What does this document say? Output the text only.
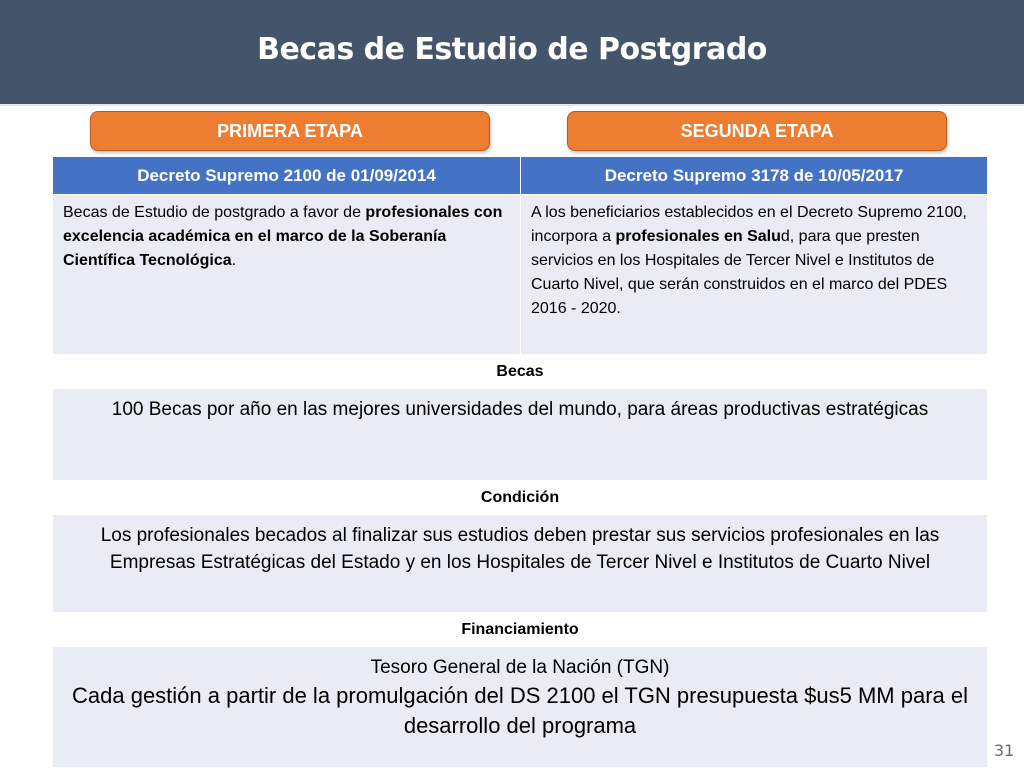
Becas de Estudio de Postgrado
PRIMERA ETAPA	SEGUNDA ETAPA
Decreto Supremo 2100 de 01/09/2014	Decreto Supremo 3178 de 10/05/2017

Becas de Estudio de postgrado a favor de profesionales con excelencia académica en el marco de la Soberanía Científica Tecnológica.	A los beneficiarios establecidos en el Decreto Supremo 2100, incorpora a profesionales en Salud, para que presten servicios en los Hospitales de Tercer Nivel e Institutos de Cuarto Nivel, que serán construidos en el marco del PDES 2016 - 2020.

Becas	

100 Becas por año en las mejores universidades del mundo, para áreas productivas estratégicas	

Condición	

Los profesionales becados al finalizar sus estudios deben prestar sus servicios profesionales en las Empresas Estratégicas del Estado y en los Hospitales de Tercer Nivel e Institutos de Cuarto Nivel	

Financiamiento	

Tesoro General de la Nación (TGN)
Cada gestión a partir de la promulgación del DS 2100 el TGN presupuesta $us5 MM para el desarrollo del programa	
31
